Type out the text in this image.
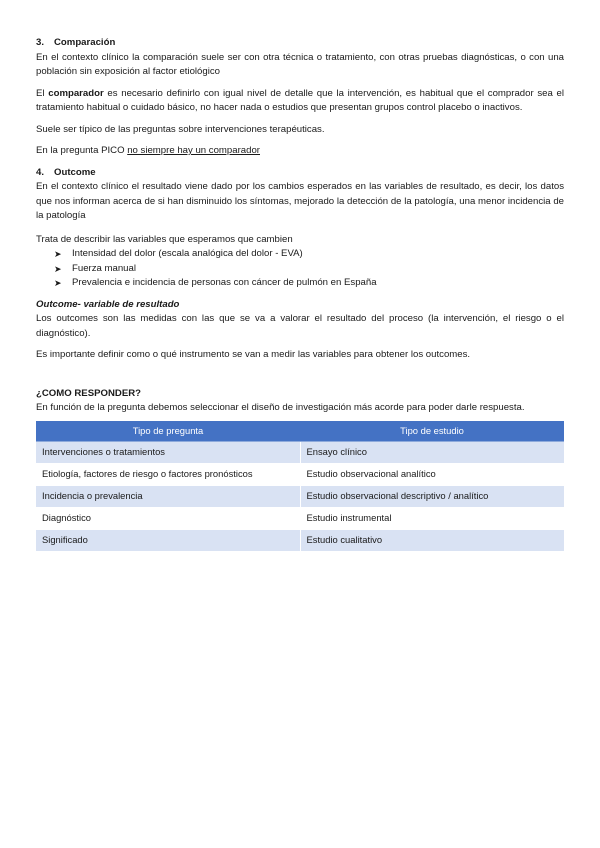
3. Comparación

En el contexto clínico la comparación suele ser con otra técnica o tratamiento, con otras pruebas diagnósticas, o con una población sin exposición al factor etiológico

El comparador es necesario definirlo con igual nivel de detalle que la intervención, es habitual que el comprador sea el tratamiento habitual o cuidado básico, no hacer nada o estudios que presentan grupos control placebo o inactivos.

Suele ser típico de las preguntas sobre intervenciones terapéuticas.

En la pregunta PICO no siempre hay un comparador

4. Outcome

En el contexto clínico el resultado viene dado por los cambios esperados en las variables de resultado, es decir, los datos que nos informan acerca de si han disminuido los síntomas, mejorado la detección de la patología, una menor incidencia de la patología

Trata de describir las variables que esperamos que cambien

➤ Intensidad del dolor (escala analógica del dolor - EVA)
➤ Fuerza manual
➤ Prevalencia e incidencia de personas con cáncer de pulmón en España

Outcome- variable de resultado

Los outcomes son las medidas con las que se va a valorar el resultado del proceso (la intervención, el riesgo o el diagnóstico).

Es importante definir como o qué instrumento se van a medir las variables para obtener los outcomes.

¿COMO RESPONDER?

En función de la pregunta debemos seleccionar el diseño de investigación más acorde para poder darle respuesta.

Tipo de pregunta	Tipo de estudio
Intervenciones o tratamientos	Ensayo clínico
Etiología, factores de riesgo o factores pronósticos	Estudio observacional analítico
Incidencia o prevalencia	Estudio observacional descriptivo / analítico
Diagnóstico	Estudio instrumental
Significado	Estudio cualitativo
